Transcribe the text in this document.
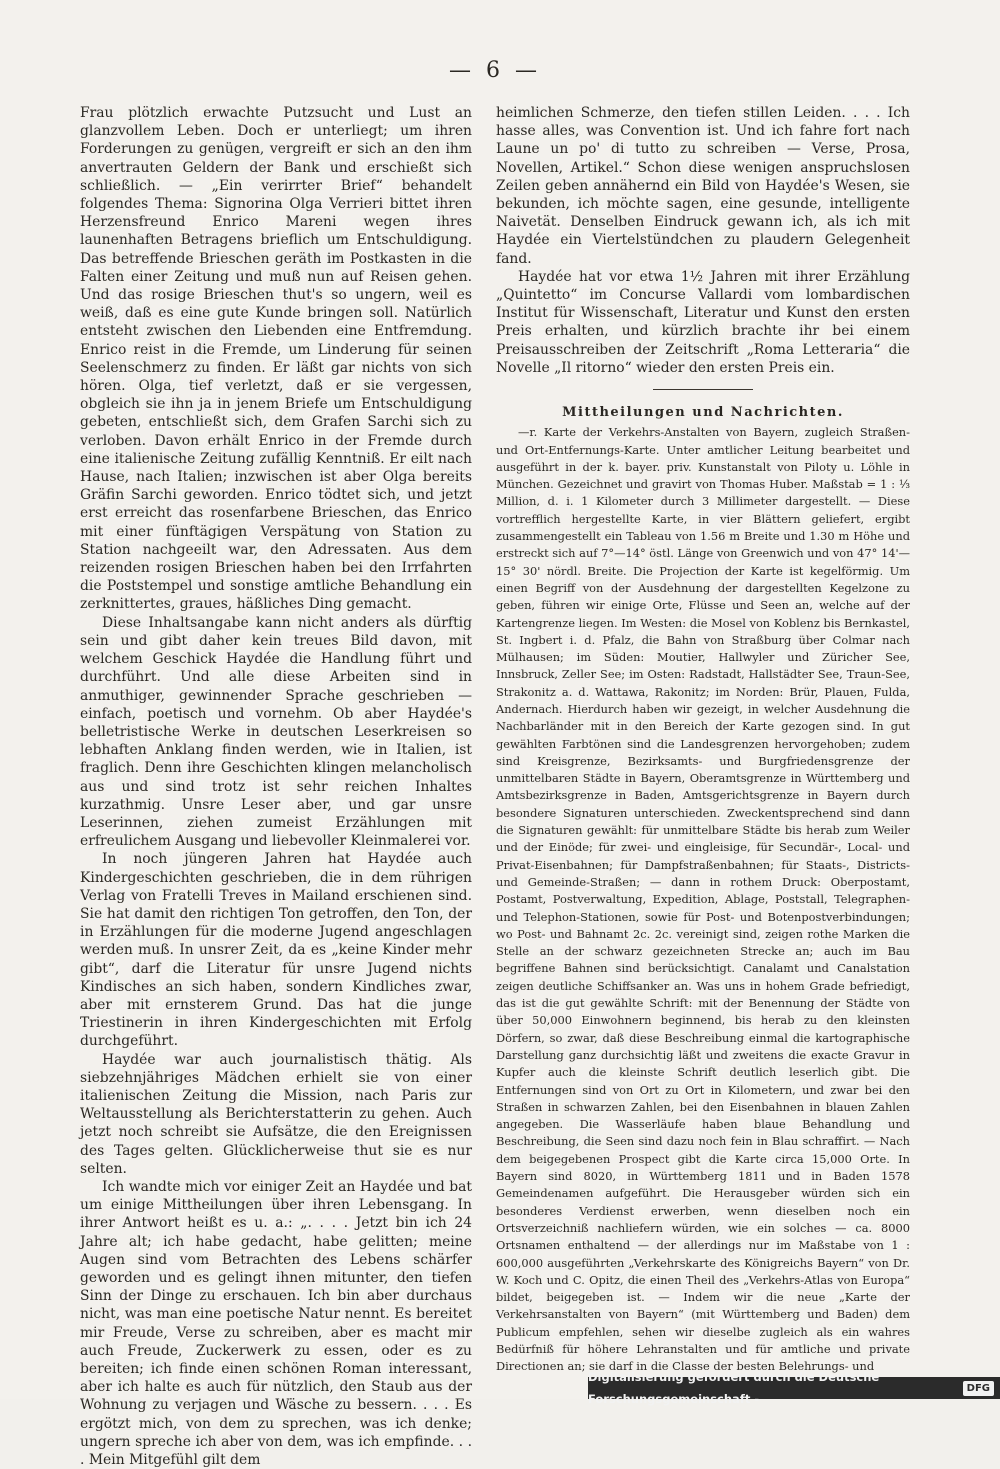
— 6 —

Frau plötzlich erwachte Putzsucht und Lust an glanzvollem Leben. Doch er unterliegt; um ihren Forderungen zu genügen, vergreift er sich an den ihm anvertrauten Geldern der Bank und erschießt sich schließlich. — „Ein verirrter Brief“ behandelt folgendes Thema: Signorina Olga Verrieri bittet ihren Herzensfreund Enrico Mareni wegen ihres launenhaften Betragens brieflich um Entschuldigung. Das betreffende Brieschen geräth im Postkasten in die Falten einer Zeitung und muß nun auf Reisen gehen. Und das rosige Brieschen thut's so ungern, weil es weiß, daß es eine gute Kunde bringen soll. Natürlich entsteht zwischen den Liebenden eine Entfremdung. Enrico reist in die Fremde, um Linderung für seinen Seelenschmerz zu finden. Er läßt gar nichts von sich hören. Olga, tief verletzt, daß er sie vergessen, obgleich sie ihn ja in jenem Briefe um Entschuldigung gebeten, entschließt sich, dem Grafen Sarchi sich zu verloben. Davon erhält Enrico in der Fremde durch eine italienische Zeitung zufällig Kenntniß. Er eilt nach Hause, nach Italien; inzwischen ist aber Olga bereits Gräfin Sarchi geworden. Enrico tödtet sich, und jetzt erst erreicht das rosenfarbene Brieschen, das Enrico mit einer fünftägigen Verspätung von Station zu Station nachgeeilt war, den Adressaten. Aus dem reizenden rosigen Brieschen haben bei den Irrfahrten die Poststempel und sonstige amtliche Behandlung ein zerknittertes, graues, häßliches Ding gemacht.

Diese Inhaltsangabe kann nicht anders als dürftig sein und gibt daher kein treues Bild davon, mit welchem Geschick Haydée die Handlung führt und durchführt. Und alle diese Arbeiten sind in anmuthiger, gewinnender Sprache geschrieben — einfach, poetisch und vornehm. Ob aber Haydée's belletristische Werke in deutschen Leserkreisen so lebhaften Anklang finden werden, wie in Italien, ist fraglich. Denn ihre Geschichten klingen melancholisch aus und sind trotz ist sehr reichen Inhaltes kurzathmig. Unsre Leser aber, und gar unsre Leserinnen, ziehen zumeist Erzählungen mit erfreulichem Ausgang und liebevoller Kleinmalerei vor.

In noch jüngeren Jahren hat Haydée auch Kindergeschichten geschrieben, die in dem rührigen Verlag von Fratelli Treves in Mailand erschienen sind. Sie hat damit den richtigen Ton getroffen, den Ton, der in Erzählungen für die moderne Jugend angeschlagen werden muß. In unsrer Zeit, da es „keine Kinder mehr gibt“, darf die Literatur für unsre Jugend nichts Kindisches an sich haben, sondern Kindliches zwar, aber mit ernsterem Grund. Das hat die junge Triestinerin in ihren Kindergeschichten mit Erfolg durchgeführt.

Haydée war auch journalistisch thätig. Als siebzehnjähriges Mädchen erhielt sie von einer italienischen Zeitung die Mission, nach Paris zur Weltausstellung als Berichterstatterin zu gehen. Auch jetzt noch schreibt sie Aufsätze, die den Ereignissen des Tages gelten. Glücklicherweise thut sie es nur selten.

Ich wandte mich vor einiger Zeit an Haydée und bat um einige Mittheilungen über ihren Lebensgang. In ihrer Antwort heißt es u. a.: „. . . . Jetzt bin ich 24 Jahre alt; ich habe gedacht, habe gelitten; meine Augen sind vom Betrachten des Lebens schärfer geworden und es gelingt ihnen mitunter, den tiefen Sinn der Dinge zu erschauen. Ich bin aber durchaus nicht, was man eine poetische Natur nennt. Es bereitet mir Freude, Verse zu schreiben, aber es macht mir auch Freude, Zuckerwerk zu essen, oder es zu bereiten; ich finde einen schönen Roman interessant, aber ich halte es auch für nützlich, den Staub aus der Wohnung zu verjagen und Wäsche zu bessern. . . . Es ergötzt mich, von dem zu sprechen, was ich denke; ungern spreche ich aber von dem, was ich empfinde. . . . Mein Mitgefühl gilt dem

heimlichen Schmerze, den tiefen stillen Leiden. . . . Ich hasse alles, was Convention ist. Und ich fahre fort nach Laune un po' di tutto zu schreiben — Verse, Prosa, Novellen, Artikel.“ Schon diese wenigen anspruchslosen Zeilen geben annähernd ein Bild von Haydée's Wesen, sie bekunden, ich möchte sagen, eine gesunde, intelligente Naivetät. Denselben Eindruck gewann ich, als ich mit Haydée ein Viertelstündchen zu plaudern Gelegenheit fand.

Haydée hat vor etwa 1½ Jahren mit ihrer Erzählung „Quintetto“ im Concurse Vallardi vom lombardischen Institut für Wissenschaft, Literatur und Kunst den ersten Preis erhalten, und kürzlich brachte ihr bei einem Preisausschreiben der Zeitschrift „Roma Letteraria“ die Novelle „Il ritorno“ wieder den ersten Preis ein.

Mittheilungen und Nachrichten.

—r. Karte der Verkehrs-Anstalten von Bayern, zugleich Straßen- und Ort-Entfernungs-Karte. Unter amtlicher Leitung bearbeitet und ausgeführt in der k. bayer. priv. Kunstanstalt von Piloty u. Löhle in München. Gezeichnet und gravirt von Thomas Huber. Maßstab = 1 : ⅓ Million, d. i. 1 Kilometer durch 3 Millimeter dargestellt. — Diese vortrefflich hergestellte Karte, in vier Blättern geliefert, ergibt zusammengestellt ein Tableau von 1.56 m Breite und 1.30 m Höhe und erstreckt sich auf 7°—14° östl. Länge von Greenwich und von 47° 14'—15° 30' nördl. Breite. Die Projection der Karte ist kegelförmig. Um einen Begriff von der Ausdehnung der dargestellten Kegelzone zu geben, führen wir einige Orte, Flüsse und Seen an, welche auf der Kartengrenze liegen. Im Westen: die Mosel von Koblenz bis Bernkastel, St. Ingbert i. d. Pfalz, die Bahn von Straßburg über Colmar nach Mülhausen; im Süden: Moutier, Hallwyler und Züricher See, Innsbruck, Zeller See; im Osten: Radstadt, Hallstädter See, Traun-See, Strakonitz a. d. Wattawa, Rakonitz; im Norden: Brür, Plauen, Fulda, Andernach. Hierdurch haben wir gezeigt, in welcher Ausdehnung die Nachbarländer mit in den Bereich der Karte gezogen sind. In gut gewählten Farbtönen sind die Landesgrenzen hervorgehoben; zudem sind Kreisgrenze, Bezirksamts- und Burgfriedensgrenze der unmittelbaren Städte in Bayern, Oberamtsgrenze in Württemberg und Amtsbezirksgrenze in Baden, Amtsgerichtsgrenze in Bayern durch besondere Signaturen unterschieden. Zweckentsprechend sind dann die Signaturen gewählt: für unmittelbare Städte bis herab zum Weiler und der Einöde; für zwei- und eingleisige, für Secundär-, Local- und Privat-Eisenbahnen; für Dampfstraßenbahnen; für Staats-, Districts- und Gemeinde-Straßen; — dann in rothem Druck: Oberpostamt, Postamt, Postverwaltung, Expedition, Ablage, Poststall, Telegraphen- und Telephon-Stationen, sowie für Post- und Botenpostverbindungen; wo Post- und Bahnamt 2c. 2c. vereinigt sind, zeigen rothe Marken die Stelle an der schwarz gezeichneten Strecke an; auch im Bau begriffene Bahnen sind berücksichtigt. Canalamt und Canalstation zeigen deutliche Schiffsanker an. Was uns in hohem Grade befriedigt, das ist die gut gewählte Schrift: mit der Benennung der Städte von über 50,000 Einwohnern beginnend, bis herab zu den kleinsten Dörfern, so zwar, daß diese Beschreibung einmal die kartographische Darstellung ganz durchsichtig läßt und zweitens die exacte Gravur in Kupfer auch die kleinste Schrift deutlich leserlich gibt. Die Entfernungen sind von Ort zu Ort in Kilometern, und zwar bei den Straßen in schwarzen Zahlen, bei den Eisenbahnen in blauen Zahlen angegeben. Die Wasserläufe haben blaue Behandlung und Beschreibung, die Seen sind dazu noch fein in Blau schraffirt. — Nach dem beigegebenen Prospect gibt die Karte circa 15,000 Orte. In Bayern sind 8020, in Württemberg 1811 und in Baden 1578 Gemeindenamen aufgeführt. Die Herausgeber würden sich ein besonderes Verdienst erwerben, wenn dieselben noch ein Ortsverzeichniß nachliefern würden, wie ein solches — ca. 8000 Ortsnamen enthaltend — der allerdings nur im Maßstabe von 1 : 600,000 ausgeführten „Verkehrskarte des Königreichs Bayern“ von Dr. W. Koch und C. Opitz, die einen Theil des „Verkehrs-Atlas von Europa“ bildet, beigegeben ist. — Indem wir die neue „Karte der Verkehrsanstalten von Bayern“ (mit Württemberg und Baden) dem Publicum empfehlen, sehen wir dieselbe zugleich als ein wahres Bedürfniß für höhere Lehranstalten und für amtliche und private Directionen an; sie darf in die Classe der besten Belehrungs- und

Digitalisierung gefördert durch die Deutsche Forschungsgemeinschaft -
DFG
